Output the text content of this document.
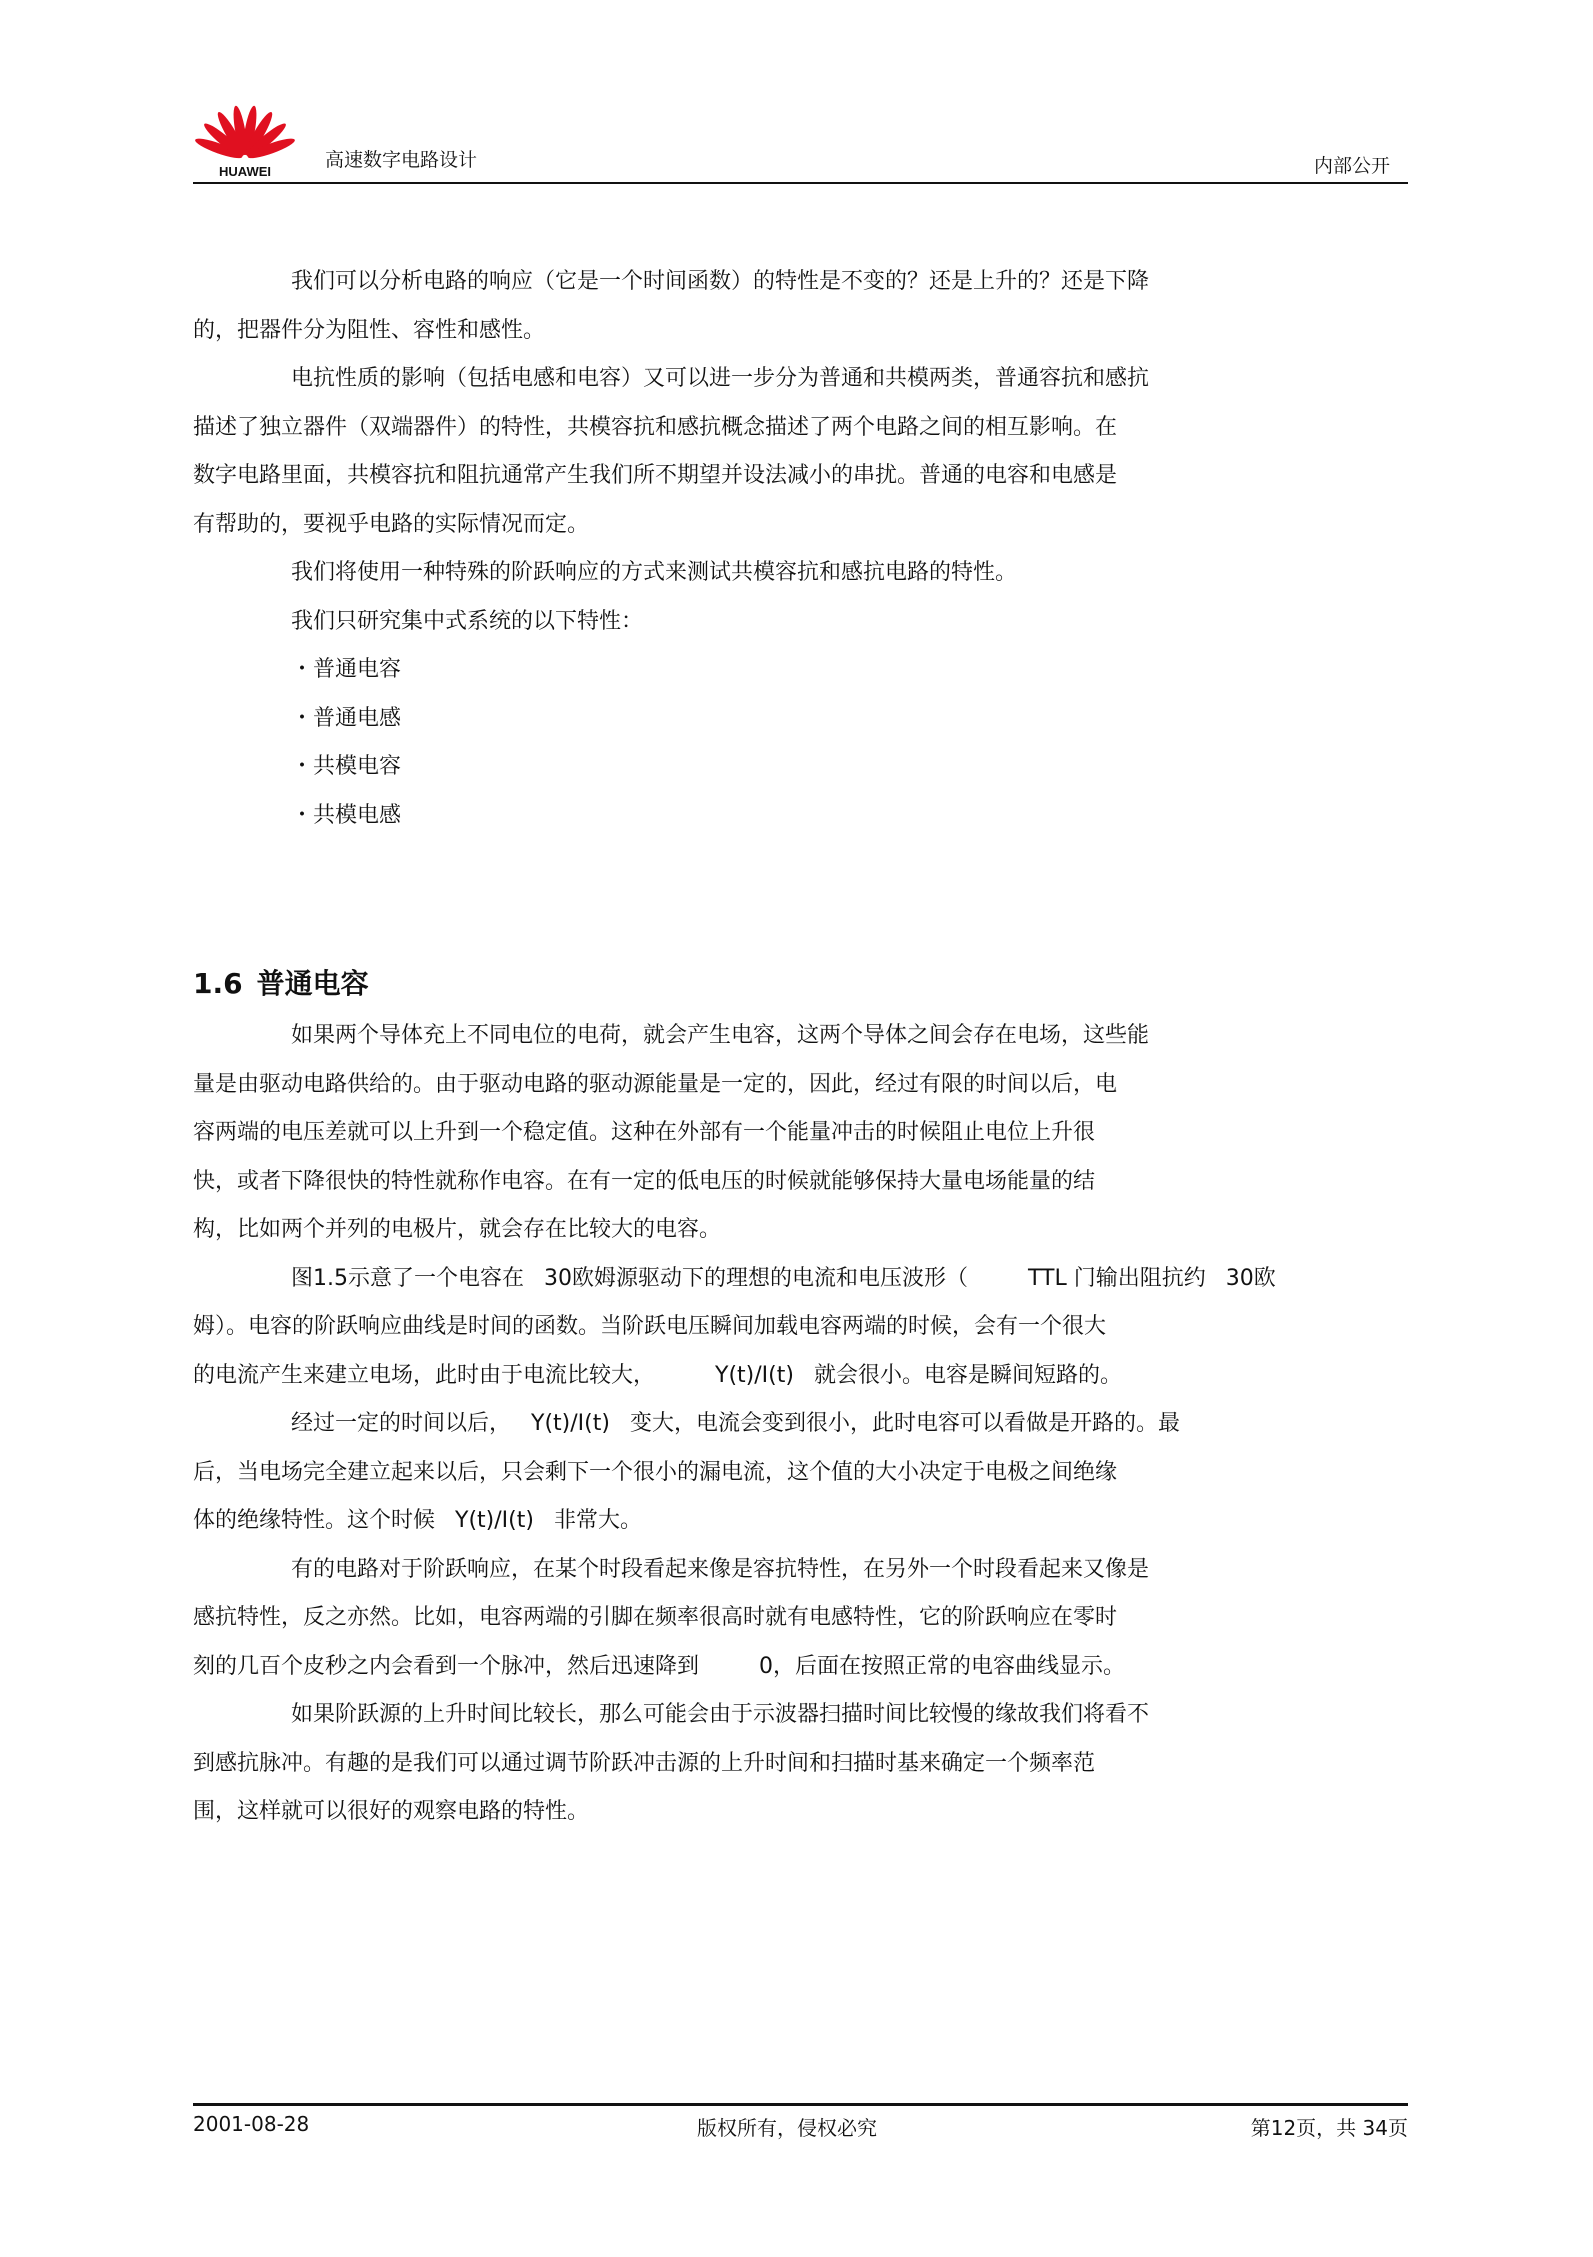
HUAWEI
高速数字电路设计	内部公开

我们可以分析电路的响应（它是一个时间函数）的特性是不变的？还是上升的？还是下降

的，把器件分为阻性、容性和感性。

电抗性质的影响（包括电感和电容）又可以进一步分为普通和共模两类，普通容抗和感抗

描述了独立器件（双端器件）的特性，共模容抗和感抗概念描述了两个电路之间的相互影响。在

数字电路里面，共模容抗和阻抗通常产生我们所不期望并设法减小的串扰。普通的电容和电感是

有帮助的，要视乎电路的实际情况而定。

我们将使用一种特殊的阶跃响应的方式来测试共模容抗和感抗电路的特性。

我们只研究集中式系统的以下特性：

・普通电容

・普通电感

・共模电容

・共模电感

1.6 普通电容

如果两个导体充上不同电位的电荷，就会产生电容，这两个导体之间会存在电场，这些能

量是由驱动电路供给的。由于驱动电路的驱动源能量是一定的，因此，经过有限的时间以后，电

容两端的电压差就可以上升到一个稳定值。这种在外部有一个能量冲击的时候阻止电位上升很

快，或者下降很快的特性就称作电容。在有一定的低电压的时候就能够保持大量电场能量的结

构，比如两个并列的电极片，就会存在比较大的电容。

图1.5示意了一个电容在 30欧姆源驱动下的理想的电流和电压波形（	TTL 门输出阻抗约 30欧

姆）。电容的阶跃响应曲线是时间的函数。当阶跃电压瞬间加载电容两端的时候，会有一个很大

的电流产生来建立电场，此时由于电流比较大，	Y(t)/I(t) 就会很小。电容是瞬间短路的。

经过一定的时间以后， Y(t)/I(t) 变大，电流会变到很小，此时电容可以看做是开路的。最

后，当电场完全建立起来以后，只会剩下一个很小的漏电流，这个值的大小决定于电极之间绝缘

体的绝缘特性。这个时候 Y(t)/I(t) 非常大。

有的电路对于阶跃响应，在某个时段看起来像是容抗特性，在另外一个时段看起来又像是

感抗特性，反之亦然。比如，电容两端的引脚在频率很高时就有电感特性，它的阶跃响应在零时

刻的几百个皮秒之内会看到一个脉冲，然后迅速降到	0，后面在按照正常的电容曲线显示。

如果阶跃源的上升时间比较长，那么可能会由于示波器扫描时间比较慢的缘故我们将看不

到感抗脉冲。有趣的是我们可以通过调节阶跃冲击源的上升时间和扫描时基来确定一个频率范

围，这样就可以很好的观察电路的特性。

2001-08-28	版权所有，侵权必究	第12页，共 34页
